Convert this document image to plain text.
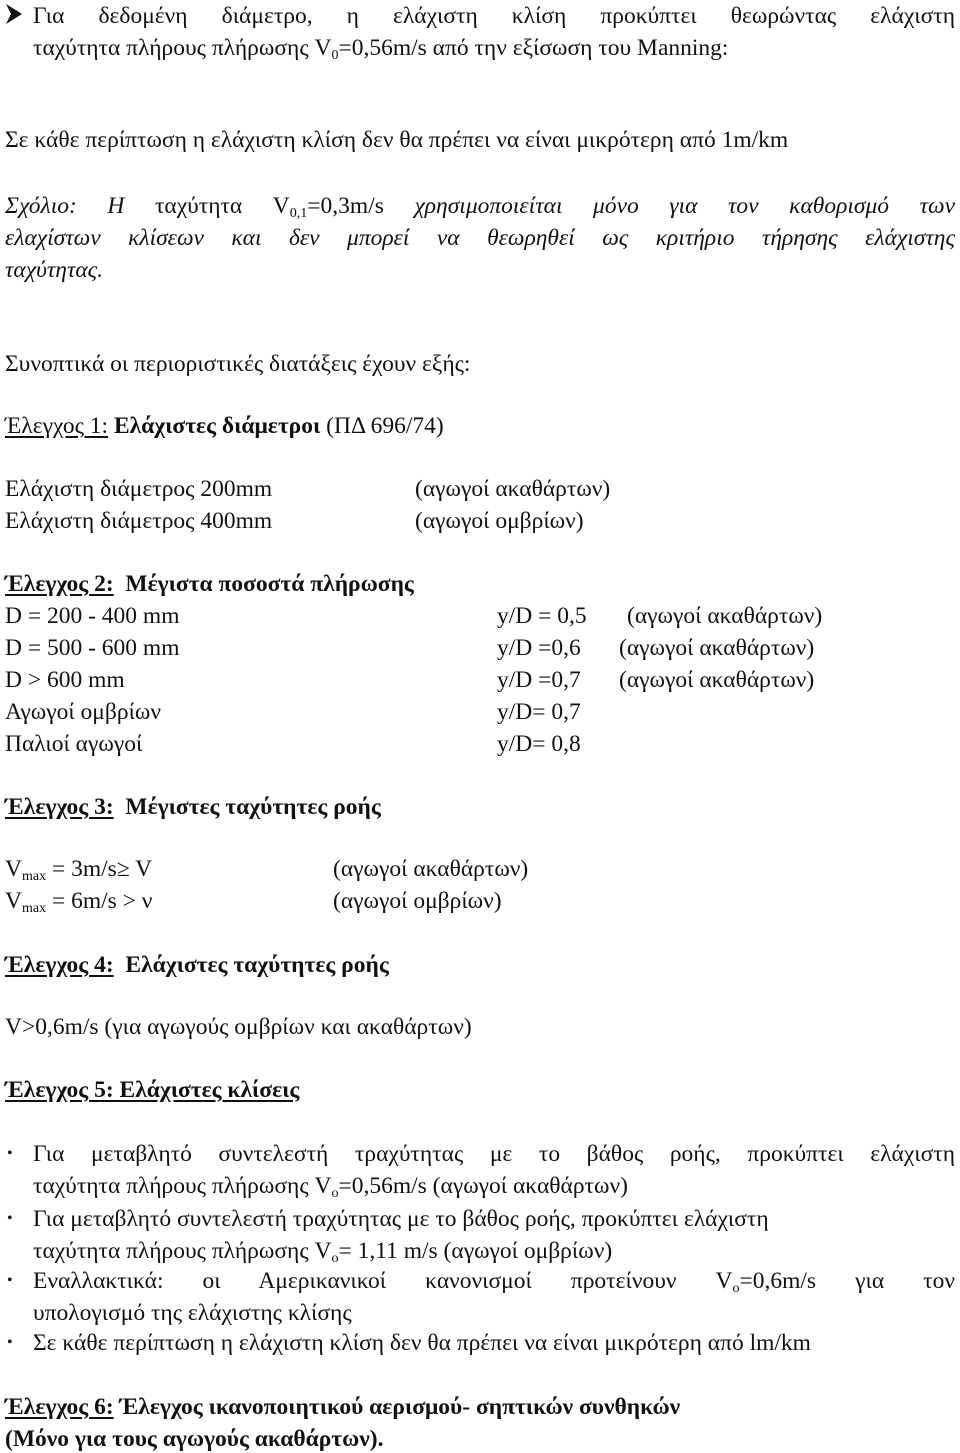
Για δεδομένη διάμετρο, η ελάχιστη κλίση προκύπτει θεωρώντας ελάχιστη
ταχύτητα πλήρους πλήρωσης $V_0=0,56m/s$ από την εξίσωση του Manning:
Σε κάθε περίπτωση η ελάχιστη κλίση δεν θα πρέπει να είναι μικρότερη από 1m/km
Σχόλιο: Η ταχύτητα $V_{0,1}=0,3m/s$ χρησιμοποιείται μόνο για τον καθορισμό των
ελαχίστων κλίσεων και δεν μπορεί να θεωρηθεί ως κριτήριο τήρησης ελάχιστης
ταχύτητας.
Συνοπτικά οι περιοριστικές διατάξεις έχουν εξής:
Έλεγχος 1: Ελάχιστες διάμετροι (ΠΔ 696/74)
Ελάχιστη διάμετρος 200mm	(αγωγοί ακαθάρτων)
Ελάχιστη διάμετρος 400mm	(αγωγοί ομβρίων)
Έλεγχος 2: Μέγιστα ποσοστά πλήρωσης
D = 200 - 400 mm	y/D = 0,5 (αγωγοί ακαθάρτων)
D = 500 - 600 mm	y/D =0,6 (αγωγοί ακαθάρτων)
D > 600 mm	y/D =0,7 (αγωγοί ακαθάρτων)
Αγωγοί ομβρίων	y/D= 0,7
Παλιοί αγωγοί	y/D= 0,8
Έλεγχος 3: Μέγιστες ταχύτητες ροής
$V_{max} = 3m/s\ge V$	(αγωγοί ακαθάρτων)
$V_{max} = 6m/s > \nu$	(αγωγοί ομβρίων)
Έλεγχος 4: Ελάχιστες ταχύτητες ροής
V>0,6m/s (για αγωγούς ομβρίων και ακαθάρτων)
Έλεγχος 5: Ελάχιστες κλίσεις
• Για μεταβλητό συντελεστή τραχύτητας με το βάθος ροής, προκύπτει ελάχιστη
ταχύτητα πλήρους πλήρωσης $V_o=0,56m/s$ (αγωγοί ακαθάρτων)
• Για μεταβλητό συντελεστή τραχύτητας με το βάθος ροής, προκύπτει ελάχιστη
ταχύτητα πλήρους πλήρωσης $V_o= 1,11$ m/s (αγωγοί ομβρίων)
• Εναλλακτικά: οι Αμερικανικοί κανονισμοί προτείνουν $V_o=0,6m/s$ για τον
υπολογισμό της ελάχιστης κλίσης
• Σε κάθε περίπτωση η ελάχιστη κλίση δεν θα πρέπει να είναι μικρότερη από lm/km
Έλεγχος 6: Έλεγχος ικανοποιητικού αερισμού- σηπτικών συνθηκών
(Μόνο για τους αγωγούς ακαθάρτων).
